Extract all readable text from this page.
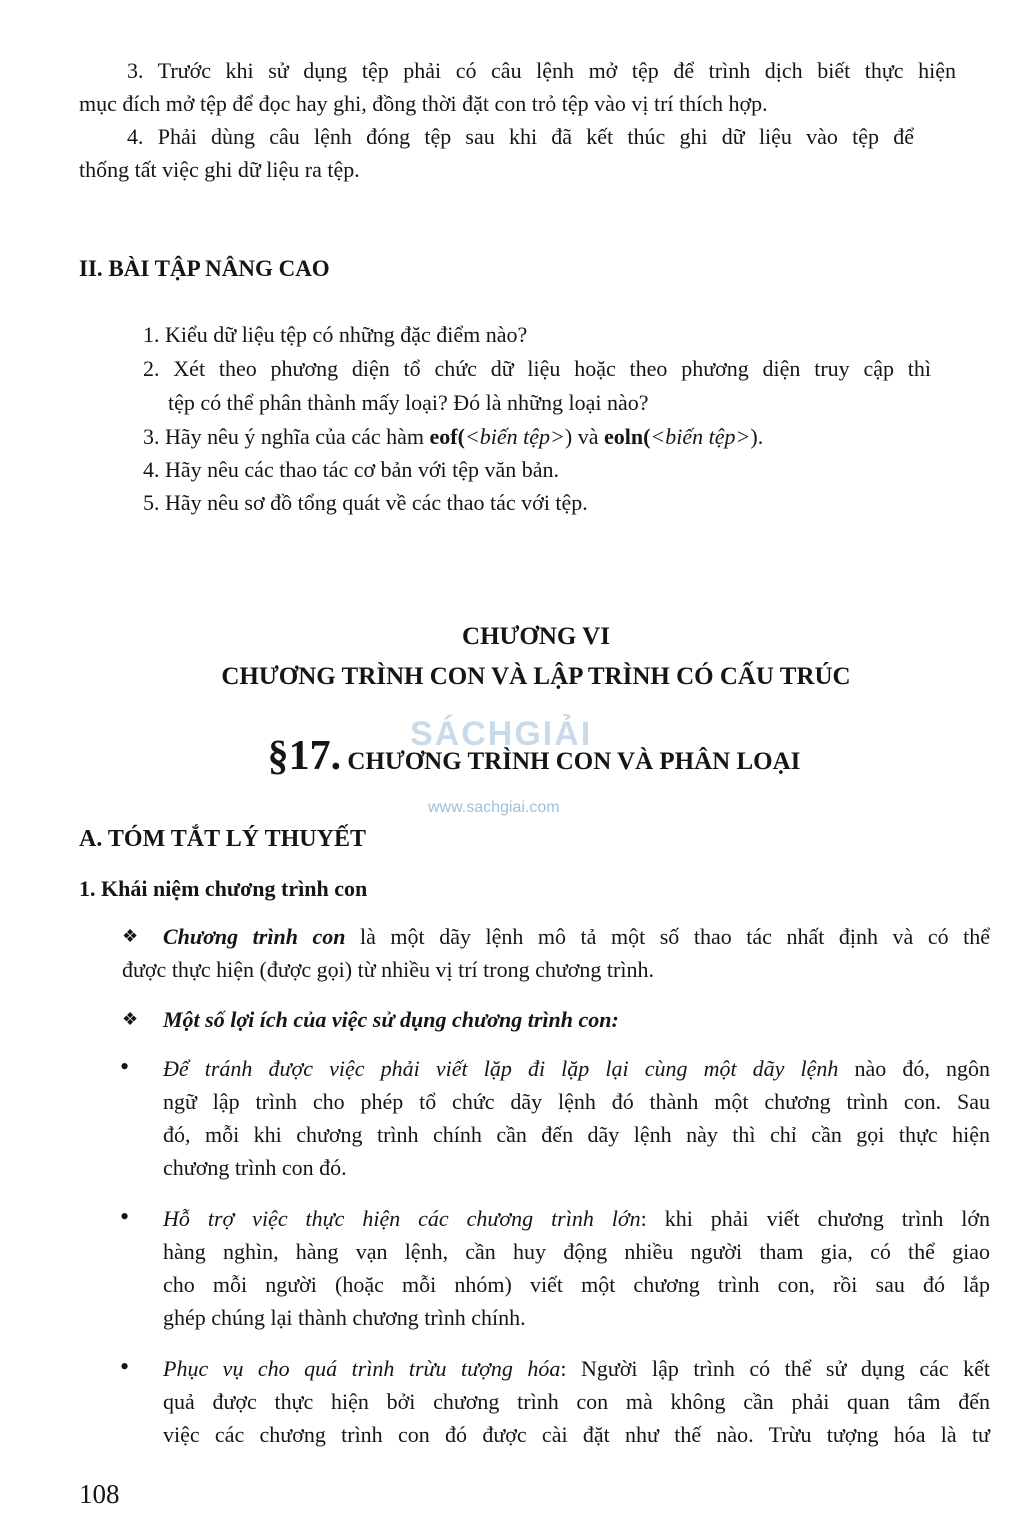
3. Trước khi sử dụng tệp phải có câu lệnh mở tệp để trình dịch biết thực hiện
mục đích mở tệp để đọc hay ghi, đồng thời đặt con trỏ tệp vào vị trí thích hợp.
4. Phải dùng câu lệnh đóng tệp sau khi đã kết thúc ghi dữ liệu vào tệp để
thống tất việc ghi dữ liệu ra tệp.
II. BÀI TẬP NÂNG CAO
1. Kiểu dữ liệu tệp có những đặc điểm nào?
2. Xét theo phương diện tổ chức dữ liệu hoặc theo phương diện truy cập thì
tệp có thể phân thành mấy loại? Đó là những loại nào?
3. Hãy nêu ý nghĩa của các hàm eof(<biến tệp>) và eoln(<biến tệp>).
4. Hãy nêu các thao tác cơ bản với tệp văn bản.
5. Hãy nêu sơ đồ tổng quát về các thao tác với tệp.
CHƯƠNG VI
CHƯƠNG TRÌNH CON VÀ LẬP TRÌNH CÓ CẤU TRÚC
SÁCHGIẢI
www.sachgiai.com
§17. CHƯƠNG TRÌNH CON VÀ PHÂN LOẠI
A. TÓM TẮT LÝ THUYẾT
1. Khái niệm chương trình con
❖ Chương trình con là một dãy lệnh mô tả một số thao tác nhất định và có thể
được thực hiện (được gọi) từ nhiều vị trí trong chương trình.
❖ Một số lợi ích của việc sử dụng chương trình con:
• Để tránh được việc phải viết lặp đi lặp lại cùng một dãy lệnh nào đó, ngôn
ngữ lập trình cho phép tổ chức dãy lệnh đó thành một chương trình con. Sau
đó, mỗi khi chương trình chính cần đến dãy lệnh này thì chỉ cần gọi thực hiện
chương trình con đó.
• Hỗ trợ việc thực hiện các chương trình lớn: khi phải viết chương trình lớn
hàng nghìn, hàng vạn lệnh, cần huy động nhiều người tham gia, có thể giao
cho mỗi người (hoặc mỗi nhóm) viết một chương trình con, rồi sau đó lắp
ghép chúng lại thành chương trình chính.
• Phục vụ cho quá trình trừu tượng hóa: Người lập trình có thể sử dụng các kết
quả được thực hiện bởi chương trình con mà không cần phải quan tâm đến
việc các chương trình con đó được cài đặt như thế nào. Trừu tượng hóa là tư
108
